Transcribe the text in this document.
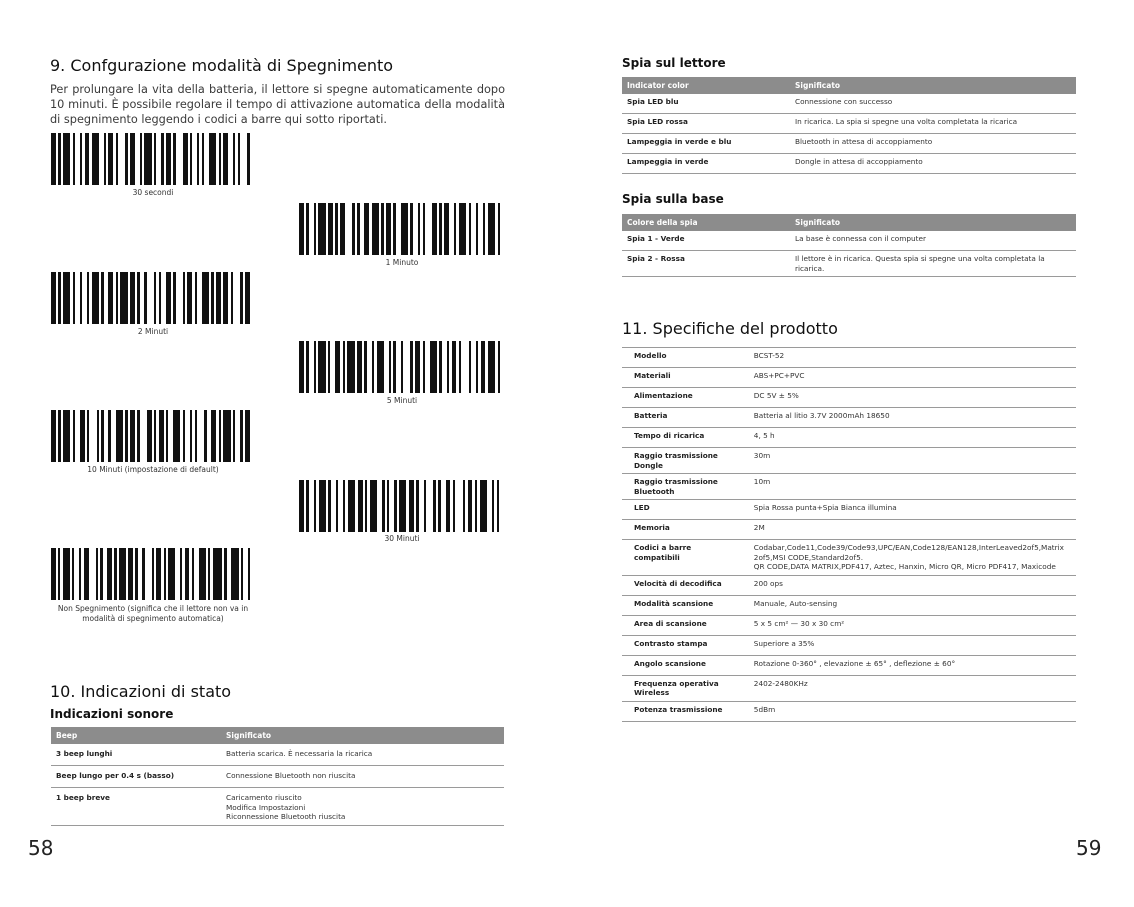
9. Confgurazione modalità di Spegnimento

Per prolungare la vita della batteria, il lettore si spegne automaticamente dopo 10 minuti. È possibile regolare il tempo di attivazione automatica della modalità di spegnimento leggendo i codici a barre qui sotto riportati.

30 secondi
1 Minuto
2 Minuti
5 Minuti
10 Minuti (impostazione di default)
30 Minuti
Non Spegnimento (significa che il lettore non va in
modalità di spegnimento automatica)
10. Indicazioni di stato
Indicazioni sonore
Beep	Significato
3 beep lunghi	Batteria scarica. È necessaria la ricarica
Beep lungo per 0.4 s (basso)	Connessione Bluetooth non riuscita
1 beep breve	Caricamento riuscito
Modifica Impostazioni
Riconnessione Bluetooth riuscita
58
Spia sul lettore
Indicator color	Significato
Spia LED blu	Connessione con successo
Spia LED rossa	In ricarica. La spia si spegne una volta completata la ricarica
Lampeggia in verde e blu	Bluetooth in attesa di accoppiamento
Lampeggia in verde	Dongle in attesa di accoppiamento
Spia sulla base
Colore della spia	Significato
Spia 1 - Verde	La base è connessa con il computer
Spia 2 - Rossa	Il lettore è in ricarica. Questa spia si spegne una volta completata la ricarica.
11. Specifiche del prodotto
Modello	BCST-52
Materiali	ABS+PC+PVC
Alimentazione	DC 5V ± 5%
Batteria	Batteria al litio 3.7V 2000mAh 18650
Tempo di ricarica	4, 5 h
Raggio trasmissione Dongle	30m
Raggio trasmissione Bluetooth	10m
LED	Spia Rossa punta+Spia Bianca illumina
Memoria	2M
Codici a barre compatibili	Codabar,Code11,Code39/Code93,UPC/EAN,Code128/EAN128,InterLeaved2of5,Matrix 2of5,MSI CODE,Standard2of5.
QR CODE,DATA MATRIX,PDF417, Aztec, Hanxin, Micro QR, Micro PDF417, Maxicode
Velocità di decodifica	200 ops
Modalità scansione	Manuale, Auto-sensing
Area di scansione	5 x 5 cm² — 30 x 30 cm²
Contrasto stampa	Superiore a 35%
Angolo scansione	Rotazione 0-360° , elevazione ± 65° , deflezione ± 60°
Frequenza operativa Wireless	2402-2480KHz
Potenza trasmissione	5dBm
59
